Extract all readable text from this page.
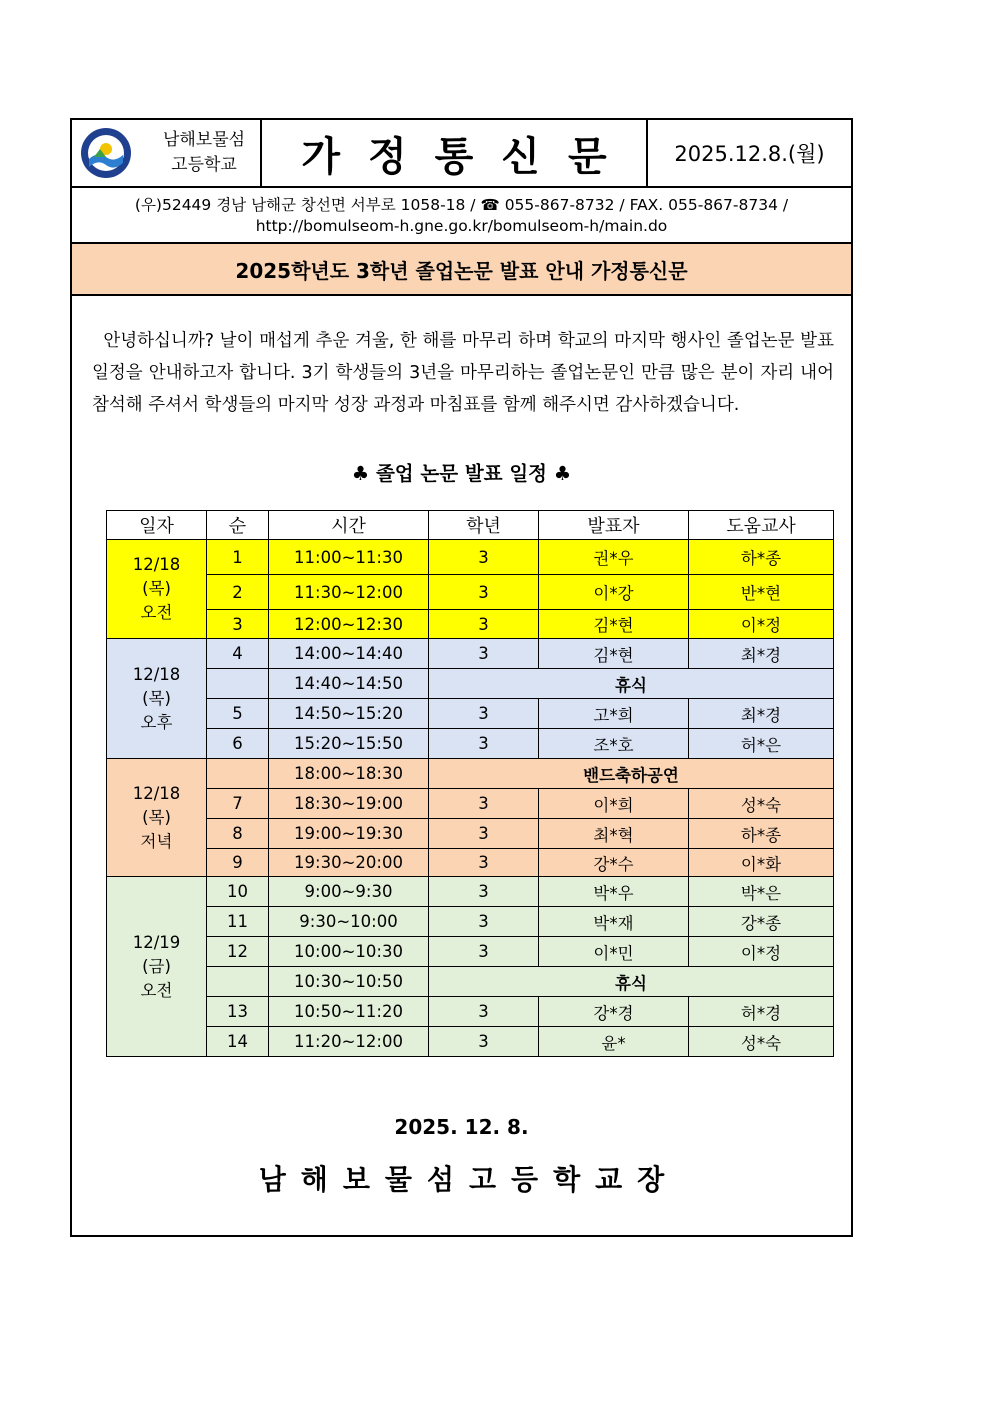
남해보물섬
고등학교	가정통신문	2025.12.8.(월)
(우)52449 경남 남해군 창선면 서부로 1058-18 / ☎ 055-867-8732 / FAX. 055-867-8734 /
http://bomulseom-h.gne.go.kr/bomulseom-h/main.do
2025학년도 3학년 졸업논문 발표 안내 가정통신문
안녕하십니까? 날이 매섭게 추운 겨울, 한 해를 마무리 하며 학교의 마지막 행사인 졸업논문 발표 일정을 안내하고자 합니다. 3기 학생들의 3년을 마무리하는 졸업논문인 만큼 많은 분이 자리 내어 참석해 주셔서 학생들의 마지막 성장 과정과 마침표를 함께 해주시면 감사하겠습니다.
♣ 졸업 논문 발표 일정 ♣
일자	순	시간	학년	발표자	도움교사

12/18
(목)
오전	1	11:00~11:30	3	권*우	하*종
	2	11:30~12:00	3	이*강	반*현
	3	12:00~12:30	3	김*현	이*정

12/18
(목)
오후	4	14:00~14:40	3	김*현	최*경
		14:40~14:50	휴식		
	5	14:50~15:20	3	고*희	최*경
	6	15:20~15:50	3	조*호	허*은

12/18
(목)
저녁		18:00~18:30	밴드축하공연		
	7	18:30~19:00	3	이*희	성*숙
	8	19:00~19:30	3	최*혁	하*종
	9	19:30~20:00	3	강*수	이*화

12/19
(금)
오전	10	9:00~9:30	3	박*우	박*은
	11	9:30~10:00	3	박*재	강*종
	12	10:00~10:30	3	이*민	이*정
		10:30~10:50	휴식		
	13	10:50~11:20	3	강*경	허*경
	14	11:20~12:00	3	윤*	성*숙
2025. 12. 8.
남해보물섬고등학교장
